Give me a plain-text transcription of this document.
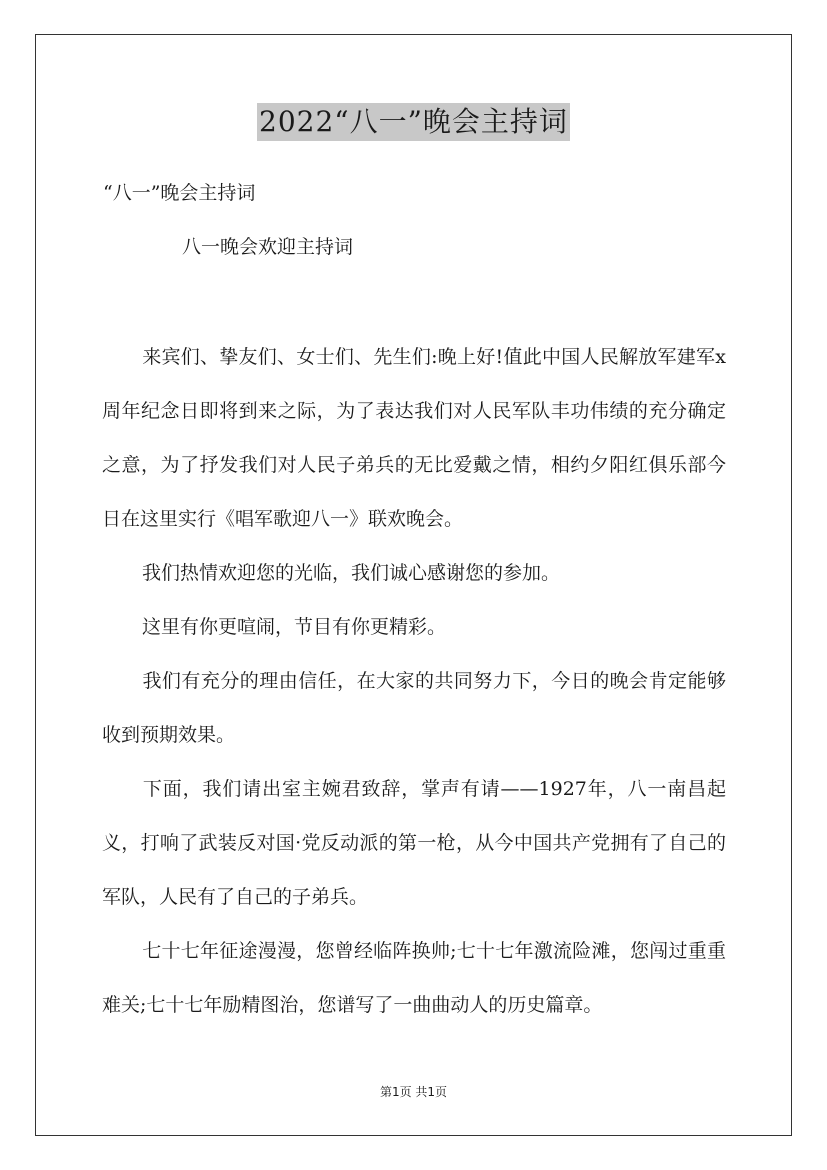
2022“八一”晚会主持词
“八一”晚会主持词
八一晚会欢迎主持词

来宾们、挚友们、女士们、先生们:晚上好!值此中国人民解放军建军x周年纪念日即将到来之际，为了表达我们对人民军队丰功伟绩的充分确定之意，为了抒发我们对人民子弟兵的无比爱戴之情，相约夕阳红俱乐部今日在这里实行《唱军歌迎八一》联欢晚会。

我们热情欢迎您的光临，我们诚心感谢您的参加。

这里有你更喧闹，节目有你更精彩。

我们有充分的理由信任，在大家的共同努力下，今日的晚会肯定能够收到预期效果。

下面，我们请出室主婉君致辞，掌声有请——1927年，八一南昌起义，打响了武装反对国·党反动派的第一枪，从今中国共产党拥有了自己的军队，人民有了自己的子弟兵。

七十七年征途漫漫，您曾经临阵换帅;七十七年激流险滩，您闯过重重难关;七十七年励精图治，您谱写了一曲曲动人的历史篇章。

第1页 共1页
